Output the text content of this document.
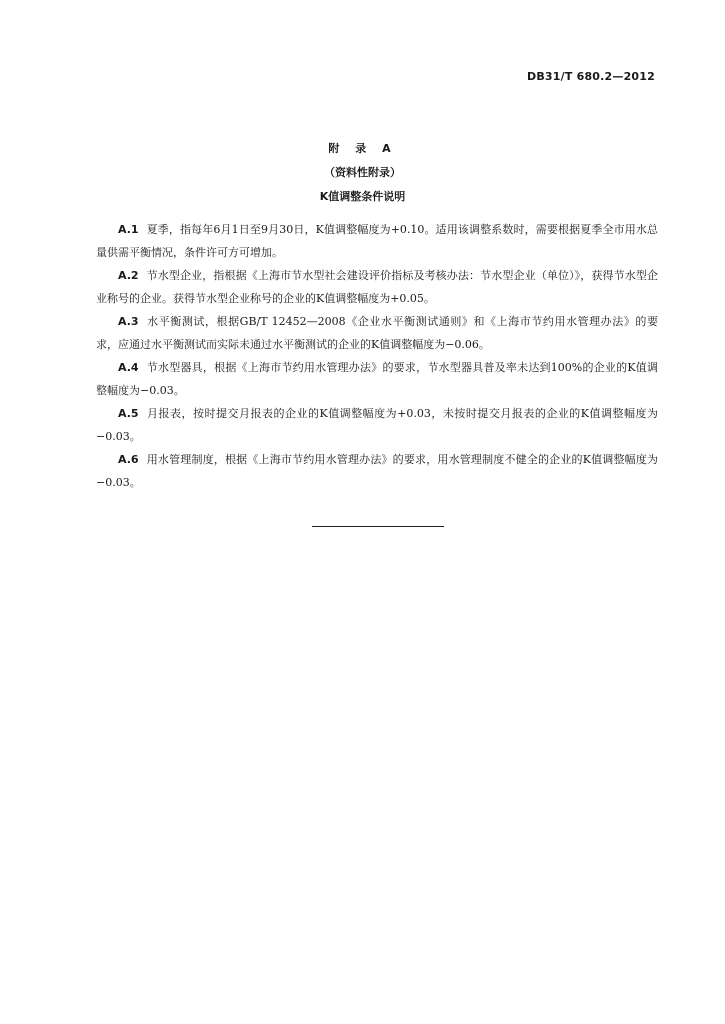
DB31/T 680.2—2012
附 录 A
（资料性附录）
K值调整条件说明

A.1 夏季，指每年6月1日至9月30日，K值调整幅度为+0.10。适用该调整系数时，需要根据夏季全市用水总量供需平衡情况，条件许可方可增加。

A.2 节水型企业，指根据《上海市节水型社会建设评价指标及考核办法：节水型企业（单位）》，获得节水型企业称号的企业。获得节水型企业称号的企业的K值调整幅度为+0.05。

A.3 水平衡测试，根据GB/T 12452—2008《企业水平衡测试通则》和《上海市节约用水管理办法》的要求，应通过水平衡测试而实际未通过水平衡测试的企业的K值调整幅度为−0.06。

A.4 节水型器具，根据《上海市节约用水管理办法》的要求，节水型器具普及率未达到100%的企业的K值调整幅度为−0.03。

A.5 月报表，按时提交月报表的企业的K值调整幅度为+0.03，未按时提交月报表的企业的K值调整幅度为−0.03。

A.6 用水管理制度，根据《上海市节约用水管理办法》的要求，用水管理制度不健全的企业的K值调整幅度为−0.03。
